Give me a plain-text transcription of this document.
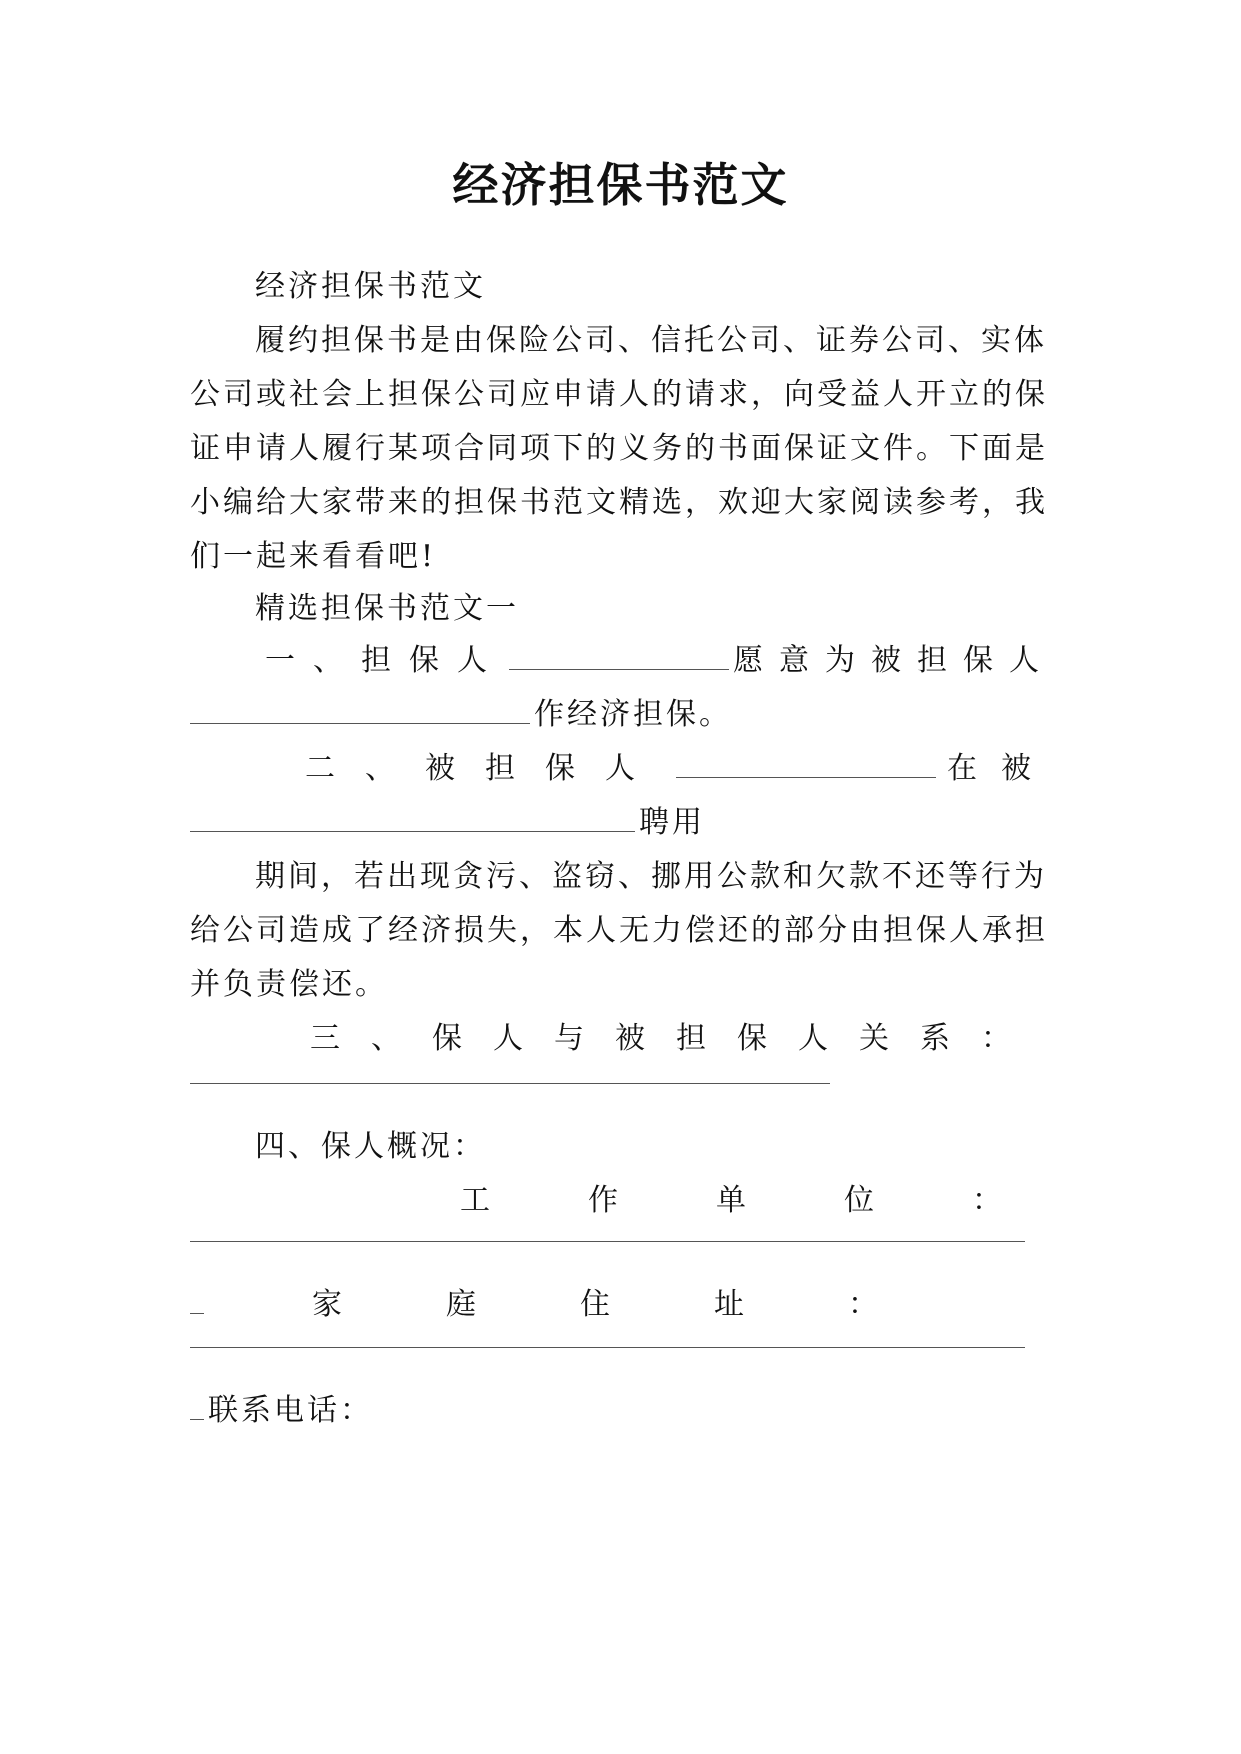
经济担保书范文
经济担保书范文
履约担保书是由保险公司、信托公司、证券公司、实体
公司或社会上担保公司应申请人的请求，向受益人开立的保
证申请人履行某项合同项下的义务的书面保证文件。下面是
小编给大家带来的担保书范文精选，欢迎大家阅读参考，我
们一起来看看吧!
精选担保书范文一
一、担保人	愿意为被担保人
作经济担保。
二、被担保人	在被
聘用
期间，若出现贪污、盗窃、挪用公款和欠款不还等行为
给公司造成了经济损失，本人无力偿还的部分由担保人承担
并负责偿还。
三、保人与被担保人关系：
四、保人概况：
工作单位：
家庭住址：
联系电话：
